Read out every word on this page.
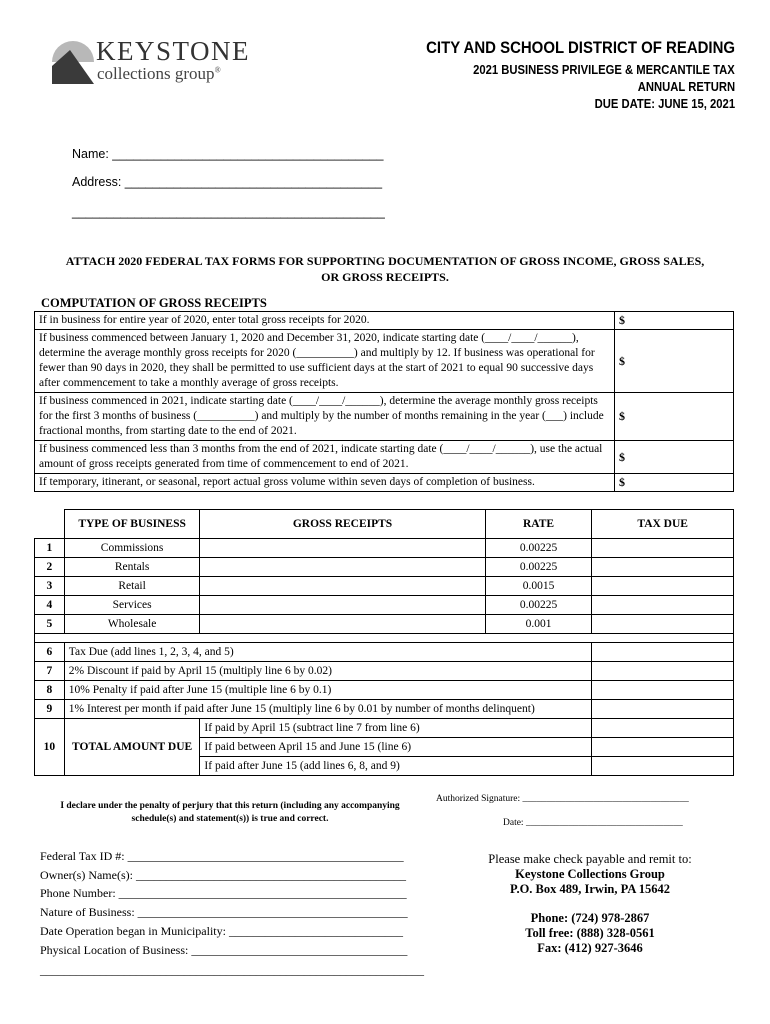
KEYSTONE
collections group®
CITY AND SCHOOL DISTRICT OF READING
2021 BUSINESS PRIVILEGE & MERCANTILE TAX
ANNUAL RETURN
DUE DATE: JUNE 15, 2021
Name: _______________________________________
Address: _____________________________________
_____________________________________________
ATTACH 2020 FEDERAL TAX FORMS FOR SUPPORTING DOCUMENTATION OF GROSS INCOME, GROSS SALES,
OR GROSS RECEIPTS.
COMPUTATION OF GROSS RECEIPTS
If in business for entire year of 2020, enter total gross receipts for 2020.	$
If business commenced between January 1, 2020 and December 31, 2020, indicate starting date (____/____/______), determine the average monthly gross receipts for 2020 (__________) and multiply by 12. If business was operational for fewer than 90 days in 2020, they shall be permitted to use sufficient days at the start of 2021 to equal 90 successive days after commencement to take a monthly average of gross receipts.	$
If business commenced in 2021, indicate starting date (____/____/______), determine the average monthly gross receipts for the first 3 months of business (__________) and multiply by the number of months remaining in the year (___) include fractional months, from starting date to the end of 2021.	$
If business commenced less than 3 months from the end of 2021, indicate starting date (____/____/______), use the actual amount of gross receipts generated from time of commencement to end of 2021.	$
If temporary, itinerant, or seasonal, report actual gross volume within seven days of completion of business.	$
	TYPE OF BUSINESS	GROSS RECEIPTS	RATE	TAX DUE
1	Commissions		0.00225	
2	Rentals		0.00225	
3	Retail		0.0015	
4	Services		0.00225	
5	Wholesale		0.001	

6	Tax Due (add lines 1, 2, 3, 4, and 5)			
7	2% Discount if paid by April 15 (multiply line 6 by 0.02)			
8	10% Penalty if paid after June 15 (multiple line 6 by 0.1)			
9	1% Interest per month if paid after June 15 (multiply line 6 by 0.01 by number of months delinquent)			
10	TOTAL AMOUNT DUE	If paid by April 15 (subtract line 7 from line 6)		
		If paid between April 15 and June 15 (line 6)		
		If paid after June 15 (add lines 6, 8, and 9)		
I declare under the penalty of perjury that this return (including any accompanying schedule(s) and statement(s)) is true and correct.
Authorized Signature: ___________________________________
Date: _________________________________
Federal Tax ID #: ______________________________________________
Owner(s) Name(s): _____________________________________________
Phone Number: ________________________________________________
Nature of Business: _____________________________________________
Date Operation began in Municipality: _____________________________
Physical Location of Business: ____________________________________
________________________________________________________________
Please make check payable and remit to:
Keystone Collections Group
P.O. Box 489, Irwin, PA 15642
Phone: (724) 978-2867
Toll free: (888) 328-0561
Fax: (412) 927-3646
